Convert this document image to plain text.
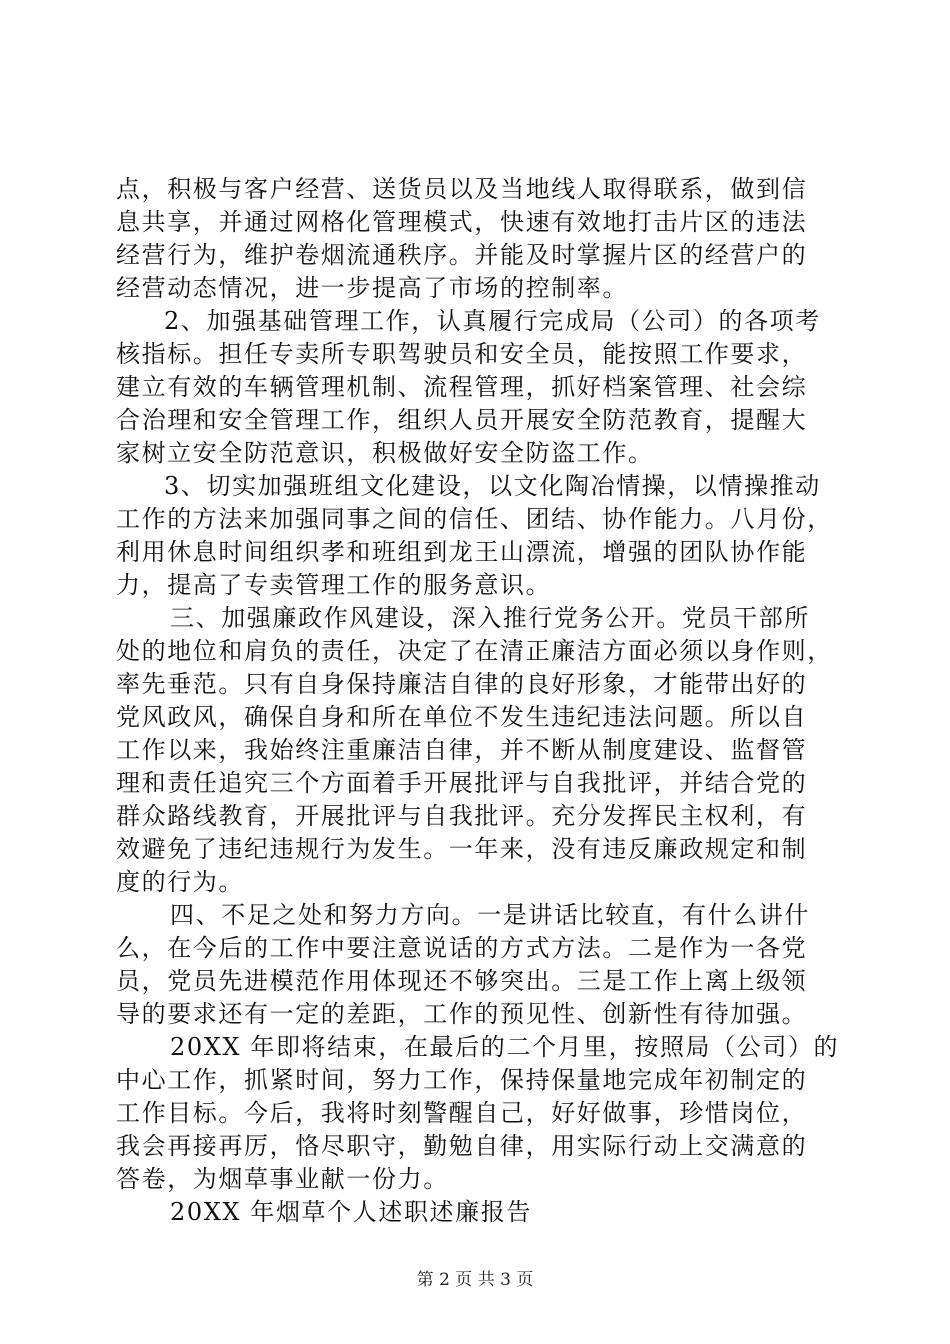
点，积极与客户经营、送货员以及当地线人取得联系，做到信
息共享，并通过网格化管理模式，快速有效地打击片区的违法
经营行为，维护卷烟流通秩序。并能及时掌握片区的经营户的
经营动态情况，进一步提高了市场的控制率。
2、加强基础管理工作，认真履行完成局（公司）的各项考
核指标。担任专卖所专职驾驶员和安全员，能按照工作要求，
建立有效的车辆管理机制、流程管理，抓好档案管理、社会综
合治理和安全管理工作，组织人员开展安全防范教育，提醒大
家树立安全防范意识，积极做好安全防盗工作。
3、切实加强班组文化建设，以文化陶冶情操，以情操推动
工作的方法来加强同事之间的信任、团结、协作能力。八月份，
利用休息时间组织孝和班组到龙王山漂流，增强的团队协作能
力，提高了专卖管理工作的服务意识。
三、加强廉政作风建设，深入推行党务公开。党员干部所
处的地位和肩负的责任，决定了在清正廉洁方面必须以身作则，
率先垂范。只有自身保持廉洁自律的良好形象，才能带出好的
党风政风，确保自身和所在单位不发生违纪违法问题。所以自
工作以来，我始终注重廉洁自律，并不断从制度建设、监督管
理和责任追究三个方面着手开展批评与自我批评，并结合党的
群众路线教育，开展批评与自我批评。充分发挥民主权利，有
效避免了违纪违规行为发生。一年来，没有违反廉政规定和制
度的行为。
四、不足之处和努力方向。一是讲话比较直，有什么讲什
么，在今后的工作中要注意说话的方式方法。二是作为一各党
员，党员先进模范作用体现还不够突出。三是工作上离上级领
导的要求还有一定的差距，工作的预见性、创新性有待加强。
20XX 年即将结束，在最后的二个月里，按照局（公司）的
中心工作，抓紧时间，努力工作，保持保量地完成年初制定的
工作目标。今后，我将时刻警醒自己，好好做事，珍惜岗位，
我会再接再厉，恪尽职守，勤勉自律，用实际行动上交满意的
答卷，为烟草事业献一份力。
20XX 年烟草个人述职述廉报告
第 2 页 共 3 页
